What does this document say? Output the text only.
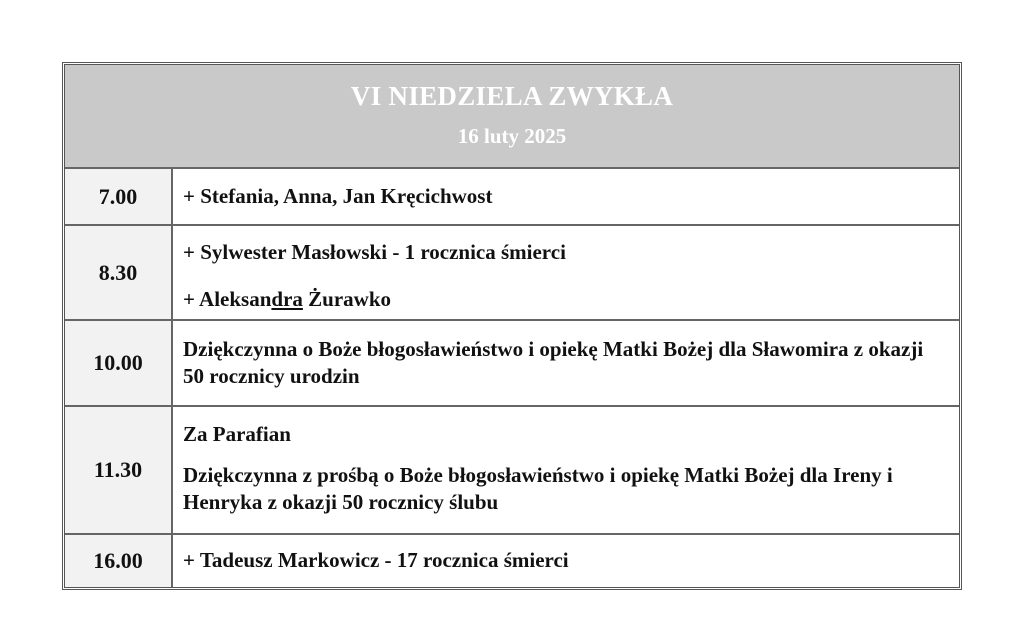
VI NIEDZIELA ZWYKŁA
16 luty 2025
7.00	+ Stefania, Anna, Jan Kręcichwost
8.30
+ Sylwester Masłowski - 1 rocznica śmierci
+ Aleksandra Żurawko
10.00
Dziękczynna o Boże błogosławieństwo i opiekę Matki Bożej dla Sławomira z okazji 50 rocznicy urodzin
11.30
Za Parafian
Dziękczynna z prośbą o Boże błogosławieństwo i opiekę Matki Bożej dla Ireny i Henryka z okazji 50 rocznicy ślubu
16.00	+ Tadeusz Markowicz - 17 rocznica śmierci
